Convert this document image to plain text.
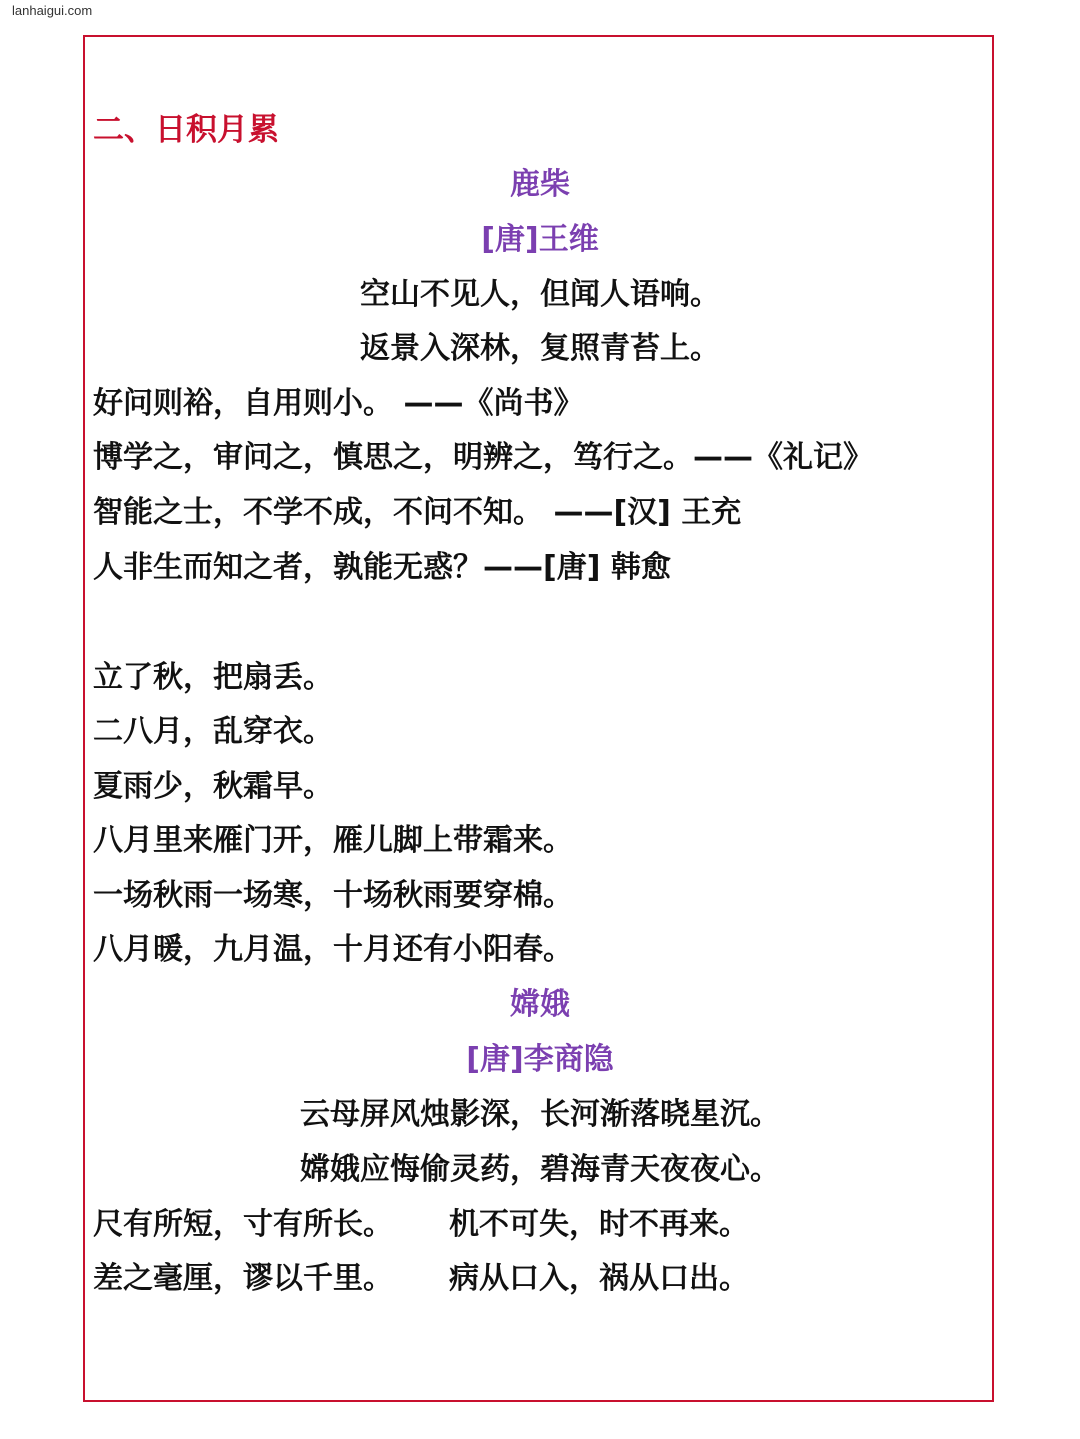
lanhaigui.com
二、日积月累
鹿柴
[唐]王维
空山不见人，但闻人语响。
返景入深林，复照青苔上。
好问则裕，自用则小。 ——《尚书》
博学之，审问之，慎思之，明辨之，笃行之。——《礼记》
智能之士，不学不成，不问不知。 ——[汉] 王充
人非生而知之者，孰能无惑？——[唐] 韩愈
立了秋，把扇丢。
二八月，乱穿衣。
夏雨少，秋霜早。
八月里来雁门开，雁儿脚上带霜来。
一场秋雨一场寒，十场秋雨要穿棉。
八月暖，九月温，十月还有小阳春。
嫦娥
[唐]李商隐
云母屏风烛影深，长河渐落晓星沉。
嫦娥应悔偷灵药，碧海青天夜夜心。
尺有所短，寸有所长。 机不可失，时不再来。
差之毫厘，谬以千里。 病从口入，祸从口出。
